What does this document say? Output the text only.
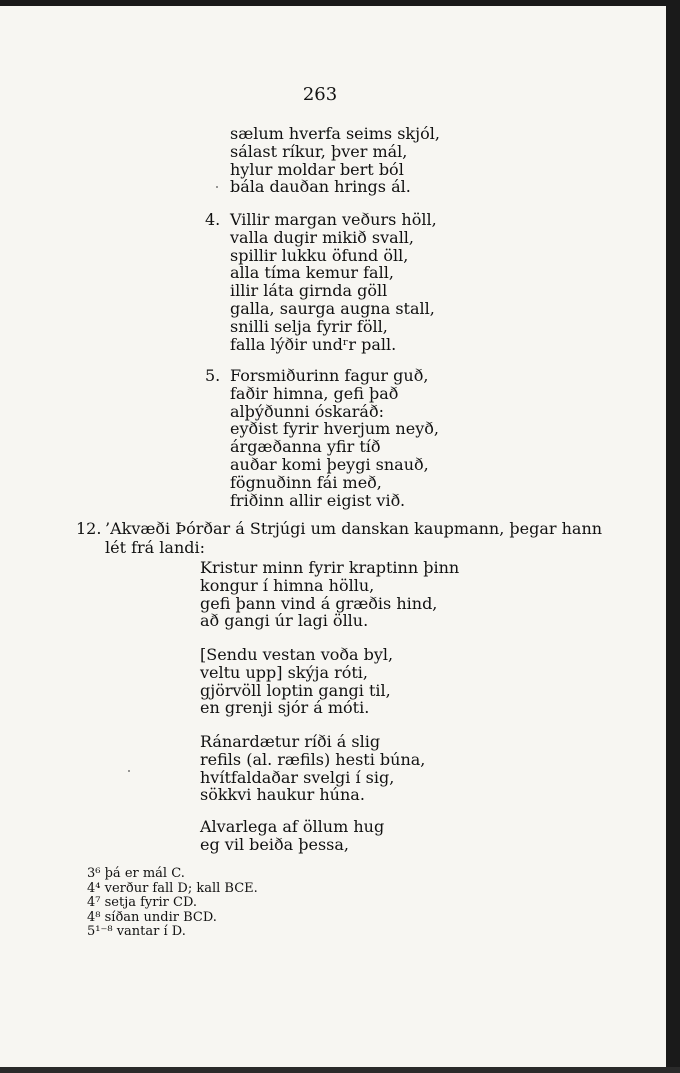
263
sælum hverfa seims skjól,
sálast ríkur, þver mál,
hylur moldar bert ból
bála dauðan hrings ál.
4. Villir margan veðurs höll,
valla dugir mikið svall,
spillir lukku öfund öll,
alla tíma kemur fall,
illir láta girnda göll
galla, saurga augna stall,
snilli selja fyrir föll,
falla lýðir undʳr pall.
5. Forsmiðurinn fagur guð,
faðir himna, gefi það
alþýðunni óskaráð:
eyðist fyrir hverjum neyð,
árgæðanna yfir tíð
auðar komi þeygi snauð,
fögnuðinn fái með,
friðinn allir eigist við.
12. ’Akvæði Þórðar á Strjúgi um danskan kaupmann, þegar hann
lét frá landi:
Kristur minn fyrir kraptinn þinn
kongur í himna höllu,
gefi þann vind á græðis hind,
að gangi úr lagi öllu.
[Sendu vestan voða byl,
veltu upp] skýja róti,
gjörvöll loptin gangi til,
en grenji sjór á móti.
Ránardætur ríði á slig
refils (al. ræfils) hesti búna,
hvítfaldaðar svelgi í sig,
sökkvi haukur húna.
Alvarlega af öllum hug
eg vil beiða þessa,
3⁶ þá er mál C.
4⁴ verður fall D; kall BCE.
4⁷ setja fyrir CD.
4⁸ síðan undir BCD.
5¹⁻⁸ vantar í D.
